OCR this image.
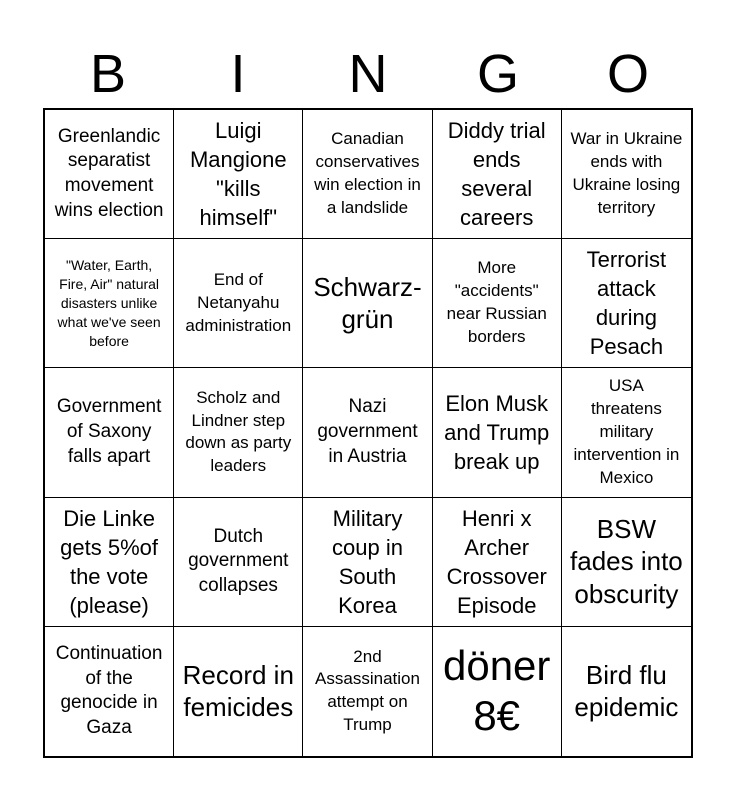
B	I	N	G	O
Greenlandic separatist movement wins election
Luigi Mangione "kills himself"
Canadian conservatives win election in a landslide
Diddy trial ends several careers
War in Ukraine ends with Ukraine losing territory
"Water, Earth, Fire, Air" natural disasters unlike what we've seen before
End of Netanyahu administration
Schwarz-grün
More "accidents" near Russian borders
Terrorist attack during Pesach
Government of Saxony falls apart
Scholz and Lindner step down as party leaders
Nazi government in Austria
Elon Musk and Trump break up
USA threatens military intervention in Mexico
Die Linke gets 5%of the vote (please)
Dutch government collapses
Military coup in South Korea
Henri x Archer Crossover Episode
BSW fades into obscurity
Continuation of the genocide in Gaza
Record in femicides
2nd Assassination attempt on Trump
döner 8€
Bird flu epidemic
